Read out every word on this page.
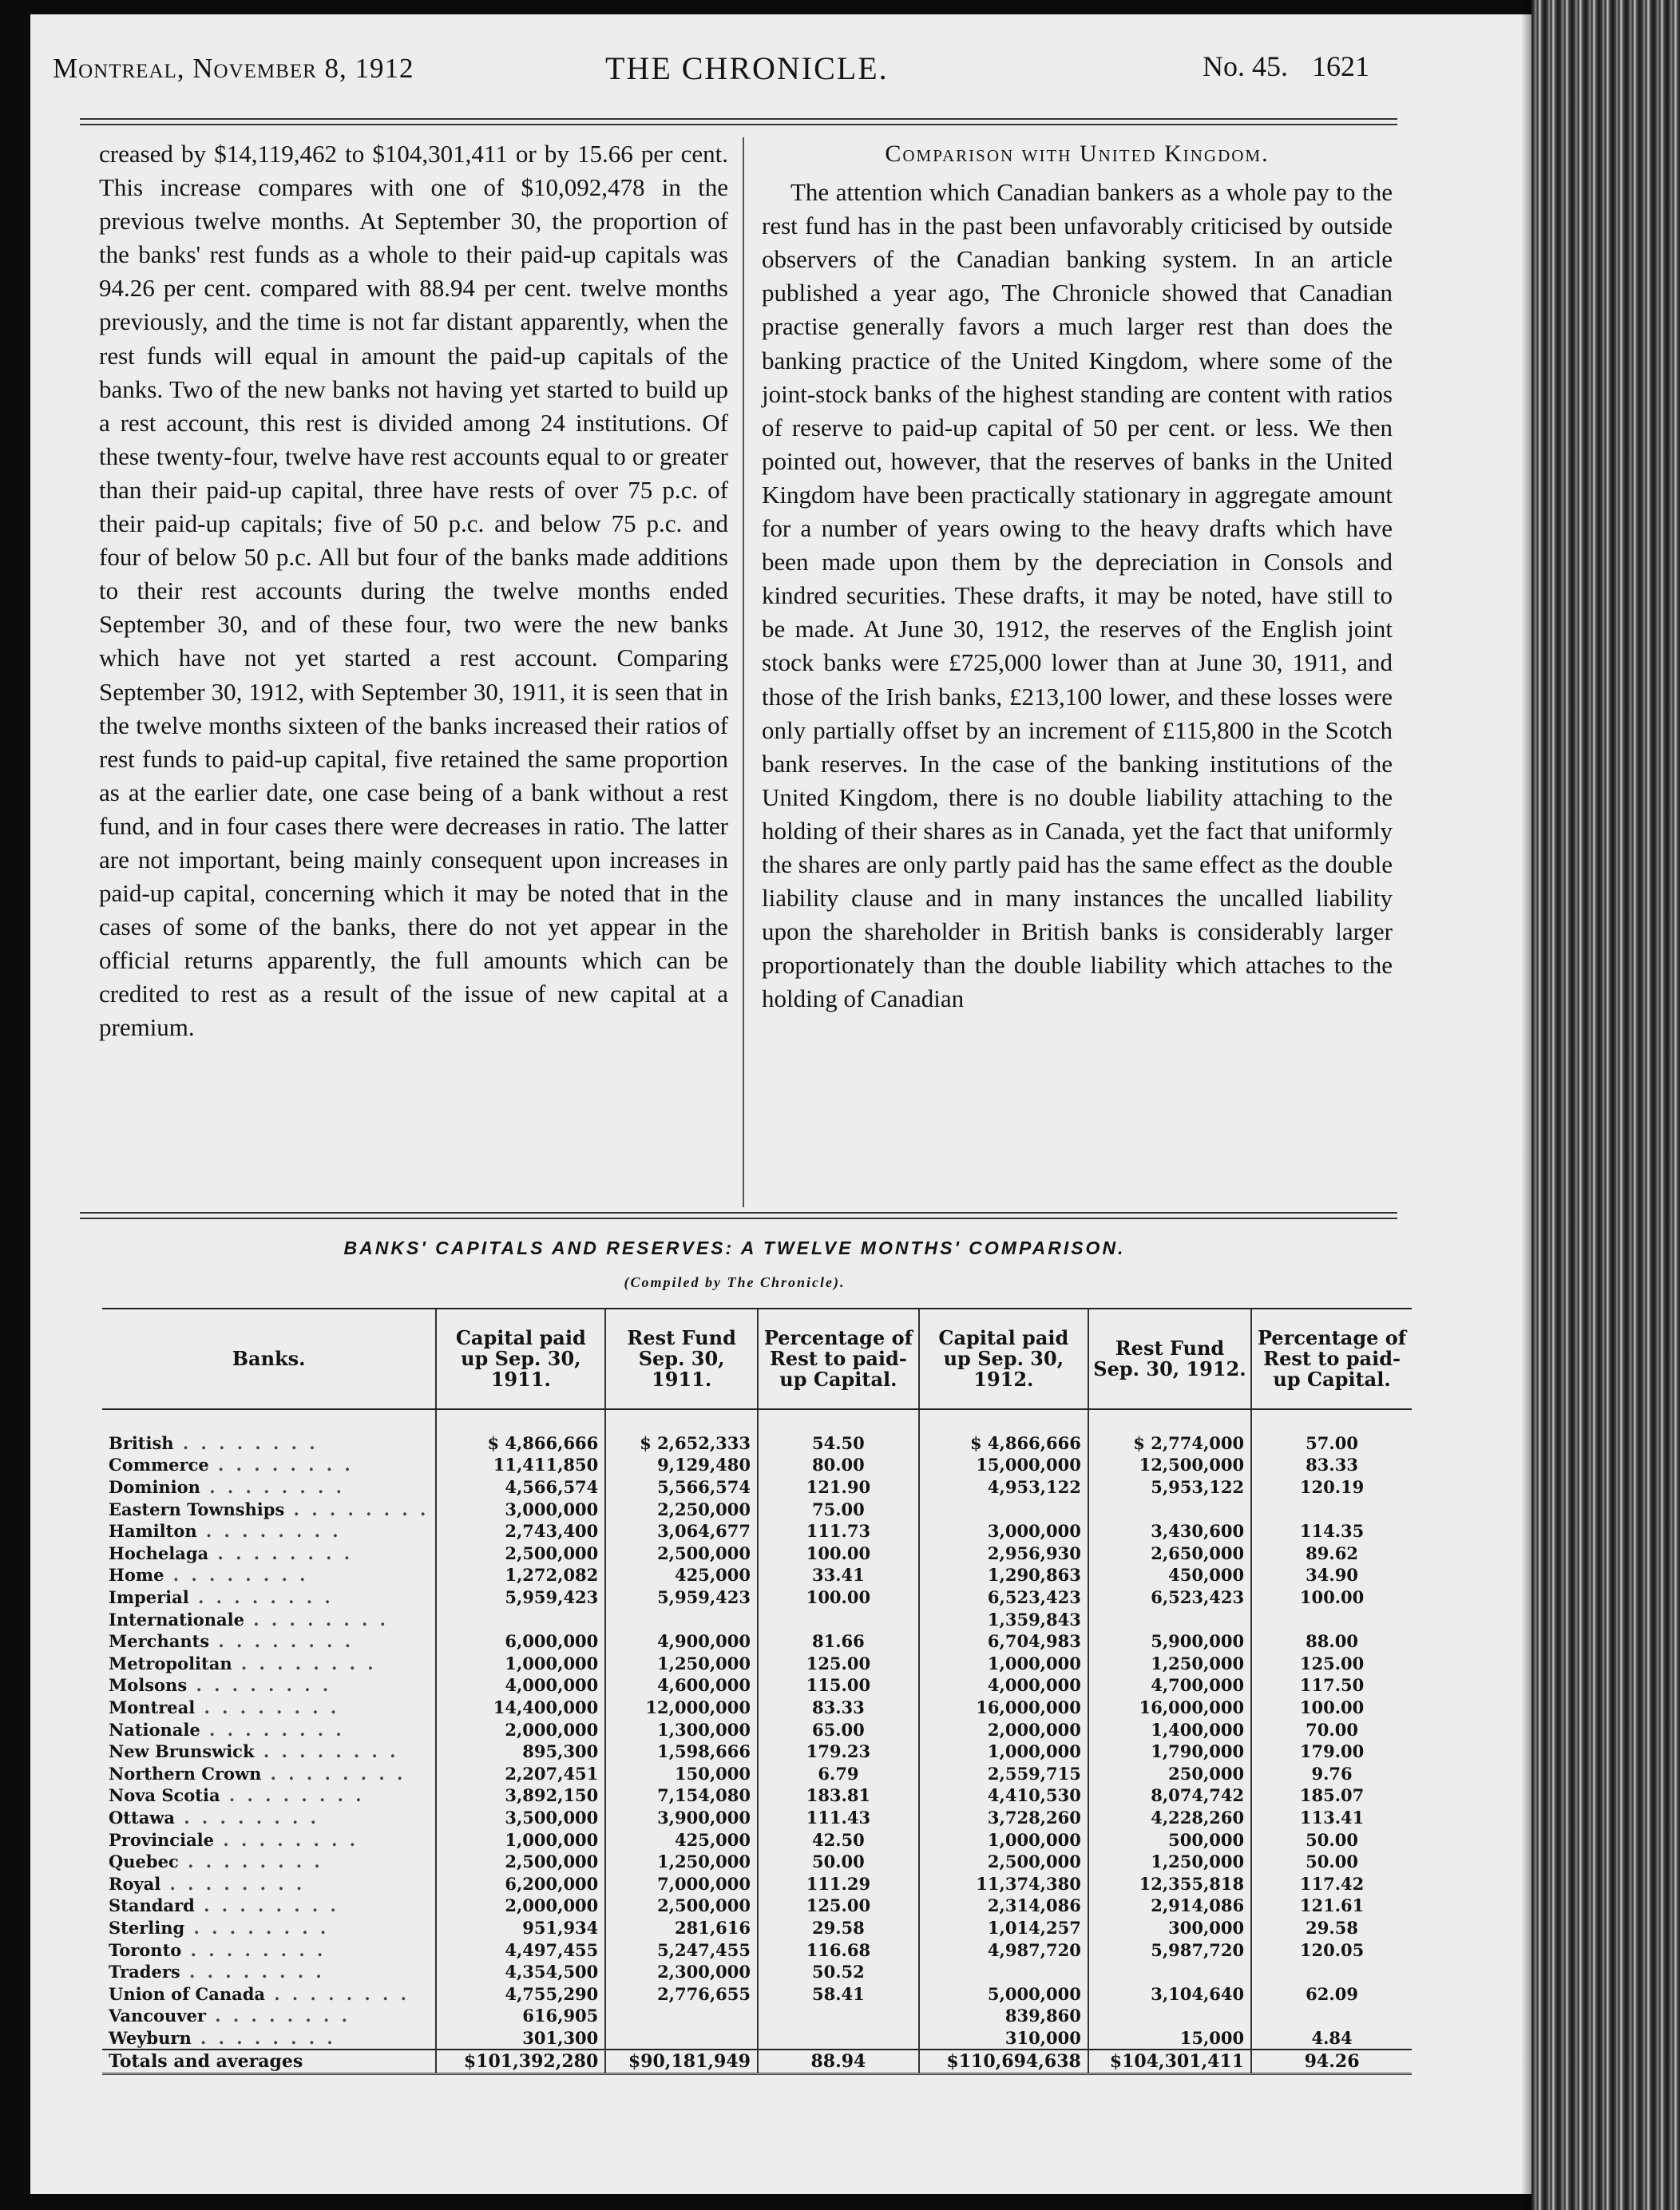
Montreal, November 8, 1912	THE CHRONICLE.	No. 45. 1621
creased by $14,119,462 to $104,301,411 or by 15.66 per cent. This increase compares with one of $10,092,478 in the previous twelve months. At September 30, the proportion of the banks' rest funds as a whole to their paid-up capitals was 94.26 per cent. compared with 88.94 per cent. twelve months previously, and the time is not far distant apparently, when the rest funds will equal in amount the paid-up capitals of the banks. Two of the new banks not having yet started to build up a rest account, this rest is divided among 24 institutions. Of these twenty-four, twelve have rest accounts equal to or greater than their paid-up capital, three have rests of over 75 p.c. of their paid-up capitals; five of 50 p.c. and below 75 p.c. and four of below 50 p.c. All but four of the banks made additions to their rest accounts during the twelve months ended September 30, and of these four, two were the new banks which have not yet started a rest account. Comparing September 30, 1912, with September 30, 1911, it is seen that in the twelve months sixteen of the banks increased their ratios of rest funds to paid-up capital, five retained the same proportion as at the earlier date, one case being of a bank without a rest fund, and in four cases there were decreases in ratio. The latter are not important, being mainly consequent upon increases in paid-up capital, concerning which it may be noted that in the cases of some of the banks, there do not yet appear in the official returns apparently, the full amounts which can be credited to rest as a result of the issue of new capital at a premium.
Comparison with United Kingdom.
The attention which Canadian bankers as a whole pay to the rest fund has in the past been unfavorably criticised by outside observers of the Canadian banking system. In an article published a year ago, The Chronicle showed that Canadian practise generally favors a much larger rest than does the banking practice of the United Kingdom, where some of the joint-stock banks of the highest standing are content with ratios of reserve to paid-up capital of 50 per cent. or less. We then pointed out, however, that the reserves of banks in the United Kingdom have been practically stationary in aggregate amount for a number of years owing to the heavy drafts which have been made upon them by the depreciation in Consols and kindred securities. These drafts, it may be noted, have still to be made. At June 30, 1912, the reserves of the English joint stock banks were £725,000 lower than at June 30, 1911, and those of the Irish banks, £213,100 lower, and these losses were only partially offset by an increment of £115,800 in the Scotch bank reserves. In the case of the banking institutions of the United Kingdom, there is no double liability attaching to the holding of their shares as in Canada, yet the fact that uniformly the shares are only partly paid has the same effect as the double liability clause and in many instances the uncalled liability upon the shareholder in British banks is considerably larger proportionately than the double liability which attaches to the holding of Canadian
BANKS' CAPITALS AND RESERVES: A TWELVE MONTHS' COMPARISON.
(Compiled by The Chronicle).
Banks.	Capital paid up Sep. 30, 1911.	Rest Fund Sep. 30, 1911.	Percentage of Rest to paid-up Capital.	Capital paid up Sep. 30, 1912.	Rest Fund Sep. 30, 1912.	Percentage of Rest to paid-up Capital.

British . . . . . . . .	$ 4,866,666	$ 2,652,333	54.50	$ 4,866,666	$ 2,774,000	57.00
Commerce . . . . . . . .	11,411,850	9,129,480	80.00	15,000,000	12,500,000	83.33
Dominion . . . . . . . .	4,566,574	5,566,574	121.90	4,953,122	5,953,122	120.19
Eastern Townships . . . . . . . .	3,000,000	2,250,000	75.00			
Hamilton . . . . . . . .	2,743,400	3,064,677	111.73	3,000,000	3,430,600	114.35
Hochelaga . . . . . . . .	2,500,000	2,500,000	100.00	2,956,930	2,650,000	89.62
Home . . . . . . . .	1,272,082	425,000	33.41	1,290,863	450,000	34.90
Imperial . . . . . . . .	5,959,423	5,959,423	100.00	6,523,423	6,523,423	100.00
Internationale . . . . . . . .				1,359,843		
Merchants . . . . . . . .	6,000,000	4,900,000	81.66	6,704,983	5,900,000	88.00
Metropolitan . . . . . . . .	1,000,000	1,250,000	125.00	1,000,000	1,250,000	125.00
Molsons . . . . . . . .	4,000,000	4,600,000	115.00	4,000,000	4,700,000	117.50
Montreal . . . . . . . .	14,400,000	12,000,000	83.33	16,000,000	16,000,000	100.00
Nationale . . . . . . . .	2,000,000	1,300,000	65.00	2,000,000	1,400,000	70.00
New Brunswick . . . . . . . .	895,300	1,598,666	179.23	1,000,000	1,790,000	179.00
Northern Crown . . . . . . . .	2,207,451	150,000	6.79	2,559,715	250,000	9.76
Nova Scotia . . . . . . . .	3,892,150	7,154,080	183.81	4,410,530	8,074,742	185.07
Ottawa . . . . . . . .	3,500,000	3,900,000	111.43	3,728,260	4,228,260	113.41
Provinciale . . . . . . . .	1,000,000	425,000	42.50	1,000,000	500,000	50.00
Quebec . . . . . . . .	2,500,000	1,250,000	50.00	2,500,000	1,250,000	50.00
Royal . . . . . . . .	6,200,000	7,000,000	111.29	11,374,380	12,355,818	117.42
Standard . . . . . . . .	2,000,000	2,500,000	125.00	2,314,086	2,914,086	121.61
Sterling . . . . . . . .	951,934	281,616	29.58	1,014,257	300,000	29.58
Toronto . . . . . . . .	4,497,455	5,247,455	116.68	4,987,720	5,987,720	120.05
Traders . . . . . . . .	4,354,500	2,300,000	50.52			
Union of Canada . . . . . . . .	4,755,290	2,776,655	58.41	5,000,000	3,104,640	62.09
Vancouver . . . . . . . .	616,905			839,860		
Weyburn . . . . . . . .	301,300			310,000	15,000	4.84
Totals and averages	$101,392,280	$90,181,949	88.94	$110,694,638	$104,301,411	94.26
